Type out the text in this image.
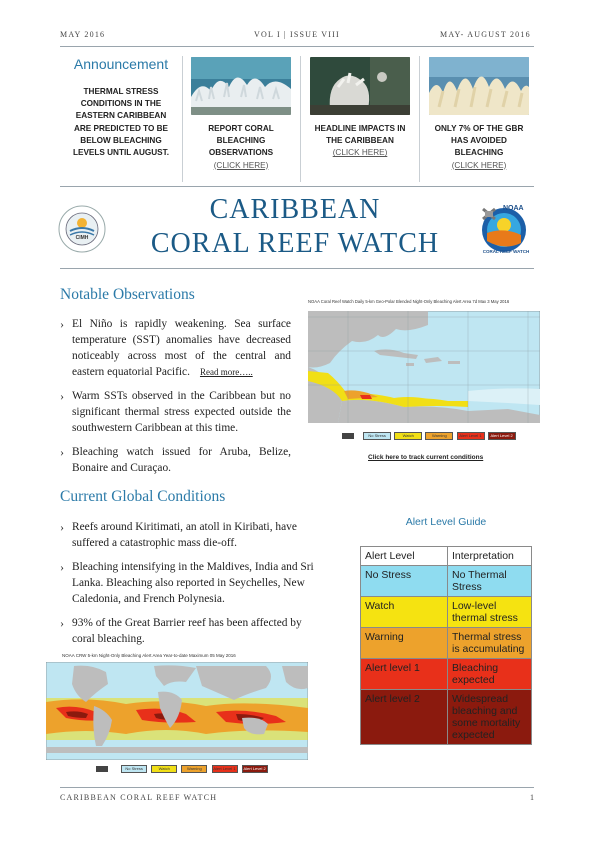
MAY 2016	VOL I | ISSUE VIII	MAY- AUGUST 2016
Announcement
THERMAL STRESS CONDITIONS IN THE EASTERN CARIBBEAN ARE PREDICTED TO BE BELOW BLEACHING LEVELS UNTIL AUGUST.
REPORT CORAL BLEACHING OBSERVATIONS
(CLICK HERE)
HEADLINE IMPACTS IN THE CARIBBEAN
(CLICK HERE)
ONLY 7% OF THE GBR HAS AVOIDED BLEACHING
(CLICK HERE)
CIMH
CARIBBEAN
CORAL REEF WATCH
NOAA
CORAL REEF WATCH
Notable Observations
› El Niño is rapidly weakening. Sea surface temperature (SST) anomalies have decreased noticeably across most of the central and eastern equatorial Pacific. Read more…..
› Warm SSTs observed in the Caribbean but no significant thermal stress expected outside the southwestern Caribbean at this time.
› Bleaching watch issued for Aruba, Belize, Bonaire and Curaçao.
NOAA Coral Reef Watch Daily 5-km Geo-Polar Blended Night-Only Bleaching Alert Area 7d Max 3 May 2016
No Stress	Watch	Warning	Alert Level 1 Alert Level 2
Click here to track current conditions
Current Global Conditions
› Reefs around Kiritimati, an atoll in Kiribati, have suffered a catastrophic mass die-off.
› Bleaching intensifying in the Maldives, India and Sri Lanka. Bleaching also reported in Seychelles, New Caledonia, and French Polynesia.
› 93% of the Great Barrier reef has been affected by coral bleaching.
NOAA CRW 5-km Night-Only Bleaching Alert Area Year-to-date Maximum 05 May 2016
No Stress	Watch	Warning	Alert Level 1 Alert Level 2
Alert Level Guide
Alert Level	Interpretation
No Stress	No Thermal Stress
Watch	Low-level thermal stress
Warning	Thermal stress is accumulating
Alert level 1	Bleaching expected
Alert level 2	Widespread bleaching and some mortality expected
CARIBBEAN CORAL REEF WATCH	1
